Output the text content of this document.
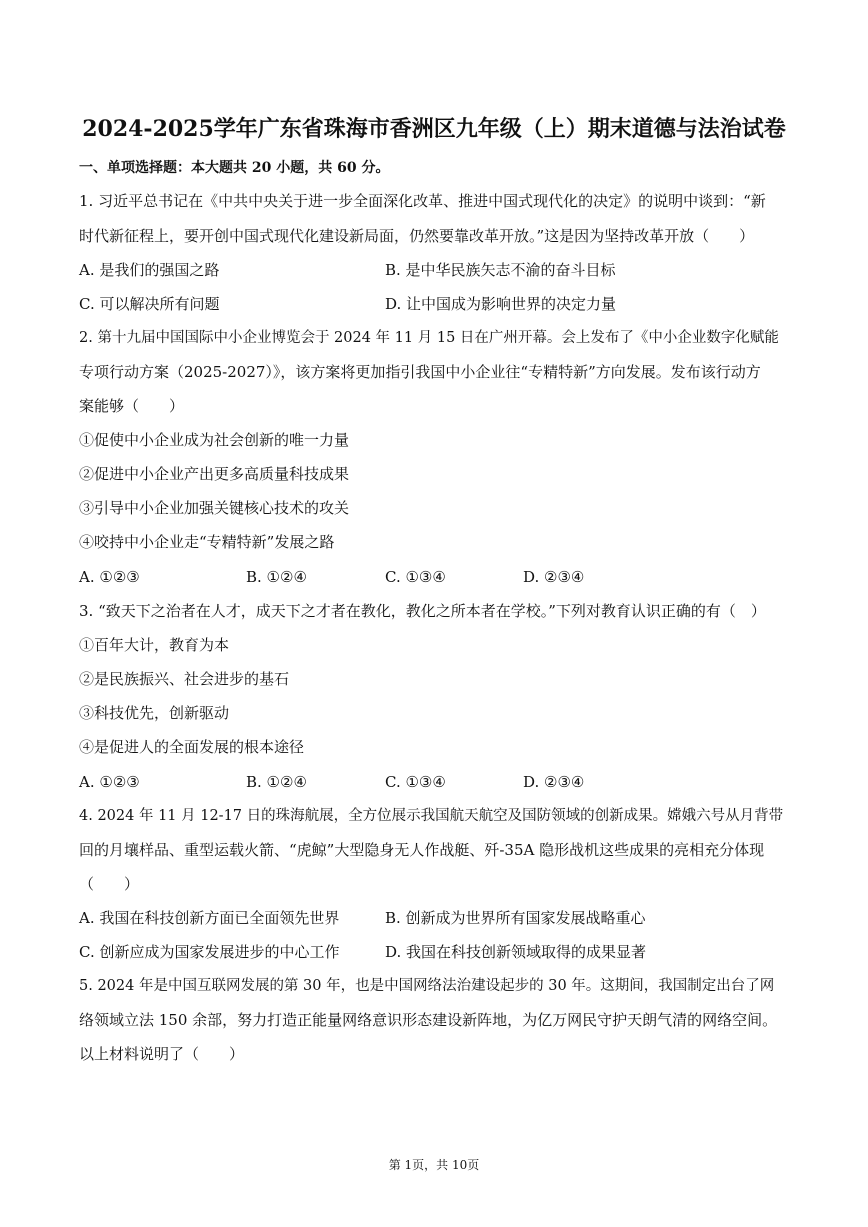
2024-2025学年广东省珠海市香洲区九年级（上）期末道德与法治试卷
一、单项选择题：本大题共 20 小题，共 60 分。
1. 习近平总书记在《中共中央关于进一步全面深化改革、推进中国式现代化的决定》的说明中谈到：“新
时代新征程上，要开创中国式现代化建设新局面，仍然要靠改革开放。”这是因为坚持改革开放（　　）
A. 是我们的强国之路	B. 是中华民族矢志不渝的奋斗目标
C. 可以解决所有问题	D. 让中国成为影响世界的决定力量
2. 第十九届中国国际中小企业博览会于 2024 年 11 月 15 日在广州开幕。会上发布了《中小企业数字化赋能
专项行动方案（2025-2027）》，该方案将更加指引我国中小企业往“专精特新”方向发展。发布该行动方
案能够（　　）
①促使中小企业成为社会创新的唯一力量
②促进中小企业产出更多高质量科技成果
③引导中小企业加强关键核心技术的攻关
④咬持中小企业走“专精特新”发展之路
A. ①②③	B. ①②④	C. ①③④	D. ②③④
3. “致天下之治者在人才，成天下之才者在教化，教化之所本者在学校。”下列对教育认识正确的有（　）
①百年大计，教育为本
②是民族振兴、社会进步的基石
③科技优先，创新驱动
④是促进人的全面发展的根本途径
A. ①②③	B. ①②④	C. ①③④	D. ②③④
4. 2024 年 11 月 12-17 日的珠海航展，全方位展示我国航天航空及国防领域的创新成果。嫦娥六号从月背带
回的月壤样品、重型运载火箭、“虎鲸”大型隐身无人作战艇、歼-35A 隐形战机这些成果的亮相充分体现
（　　）
A. 我国在科技创新方面已全面领先世界	B. 创新成为世界所有国家发展战略重心
C. 创新应成为国家发展进步的中心工作	D. 我国在科技创新领域取得的成果显著
5. 2024 年是中国互联网发展的第 30 年，也是中国网络法治建设起步的 30 年。这期间，我国制定出台了网
络领域立法 150 余部，努力打造正能量网络意识形态建设新阵地，为亿万网民守护天朗气清的网络空间。
以上材料说明了（　　）
第 1页，共 10页
